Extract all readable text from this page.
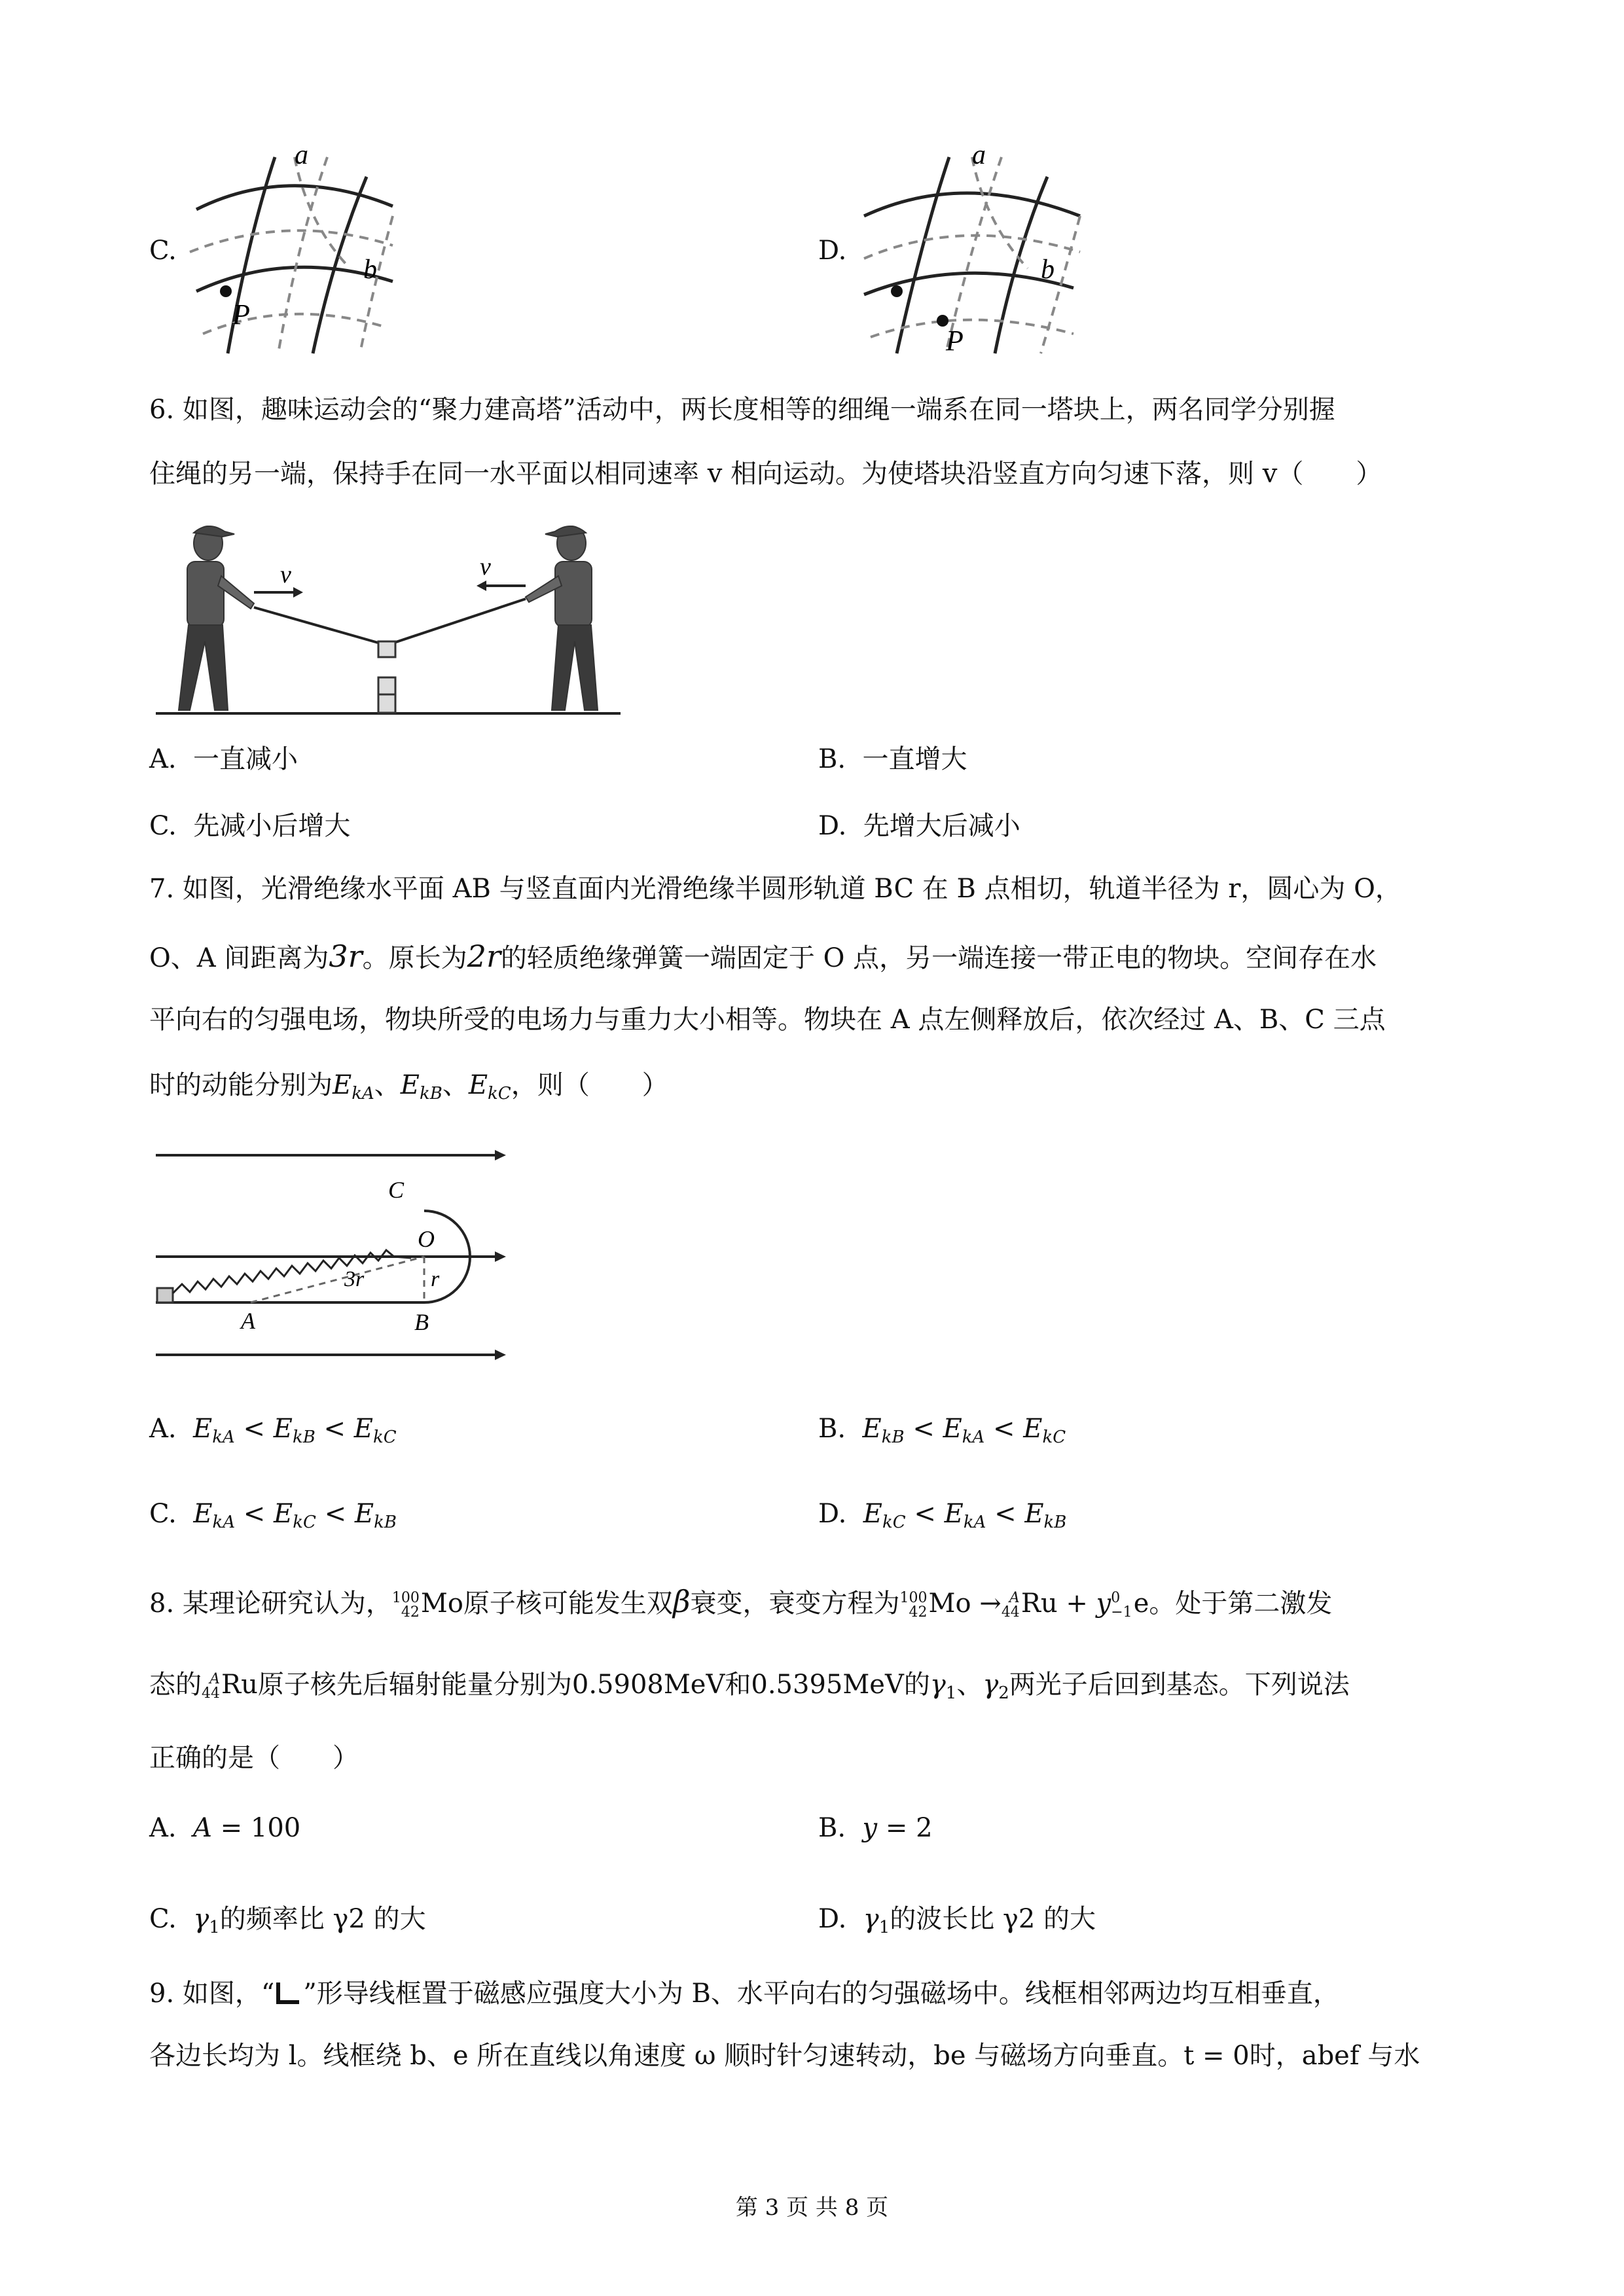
C.
a
b
P
D.
a
b
P
6. 如图，趣味运动会的“聚力建高塔”活动中，两长度相等的细绳一端系在同一塔块上，两名同学分别握
住绳的另一端，保持手在同一水平面以相同速率 v 相向运动。为使塔块沿竖直方向匀速下落，则 v（　　）
v	v
A. 一直减小	B. 一直增大
C. 先减小后增大	D. 先增大后减小
7. 如图，光滑绝缘水平面 AB 与竖直面内光滑绝缘半圆形轨道 BC 在 B 点相切，轨道半径为 r，圆心为 O，
O、A 间距离为3r。原长为2r的轻质绝缘弹簧一端固定于 O 点，另一端连接一带正电的物块。空间存在水
平向右的匀强电场，物块所受的电场力与重力大小相等。物块在 A 点左侧释放后，依次经过 A、B、C 三点
时的动能分别为$E_{kA}$、$E_{kB}$、$E_{kC}$，则（　　）
C
O
3r	r
A	B
A. $E_{kA} < E_{kB} < E_{kC}$	B. $E_{kB} < E_{kA} < E_{kC}$
C. $E_{kA} < E_{kC} < E_{kB}$	D. $E_{kC} < E_{kA} < E_{kB}$
8. 某理论研究认为， 100
42 Mo原子核可能发生双β衰变，衰变方程为 100
42 Mo → A
44 Ru + y 0
−1 e。处于第二激发
态的 A
44 Ru原子核先后辐射能量分别为0.5908MeV和0.5395MeV的$\gamma_1$、$\gamma_2$两光子后回到基态。下列说法
正确的是（　　）
A. A = 100	B. y = 2
C. $\gamma_1$的频率比 γ2 的大	D. $\gamma_1$的波长比 γ2 的大
9. 如图，“ ”形导线框置于磁感应强度大小为 B、水平向右的匀强磁场中。线框相邻两边均互相垂直，
各边长均为 l。线框绕 b、e 所在直线以角速度 ω 顺时针匀速转动，be 与磁场方向垂直。t = 0时，abef 与水
第 3 页 共 8 页
